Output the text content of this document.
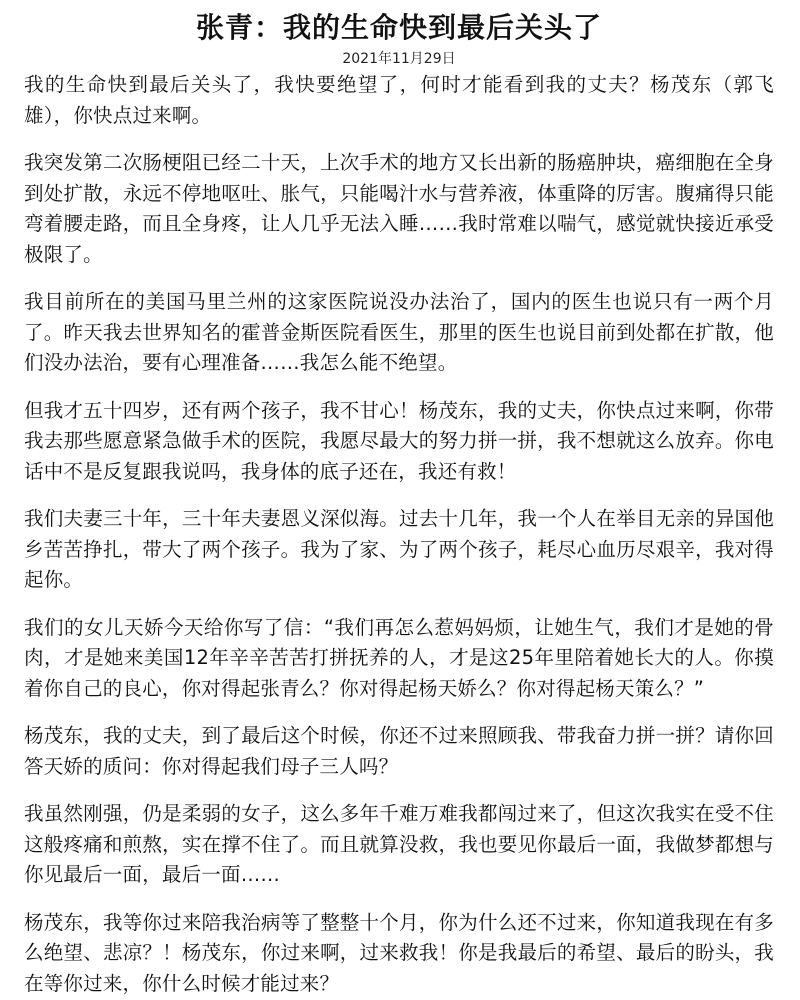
张青：我的生命快到最后关头了
2021年11月29日

我的生命快到最后关头了，我快要绝望了，何时才能看到我的丈夫？杨茂东（郭飞雄），你快点过来啊。

我突发第二次肠梗阻已经二十天，上次手术的地方又长出新的肠癌肿块，癌细胞在全身到处扩散，永远不停地呕吐、胀气，只能喝汁水与营养液，体重降的厉害。腹痛得只能弯着腰走路，而且全身疼，让人几乎无法入睡……我时常难以喘气，感觉就快接近承受极限了。

我目前所在的美国马里兰州的这家医院说没办法治了，国内的医生也说只有一两个月了。昨天我去世界知名的霍普金斯医院看医生，那里的医生也说目前到处都在扩散，他们没办法治，要有心理准备……我怎么能不绝望。

但我才五十四岁，还有两个孩子，我不甘心！杨茂东，我的丈夫，你快点过来啊，你带我去那些愿意紧急做手术的医院，我愿尽最大的努力拼一拼，我不想就这么放弃。你电话中不是反复跟我说吗，我身体的底子还在，我还有救！

我们夫妻三十年，三十年夫妻恩义深似海。过去十几年，我一个人在举目无亲的异国他乡苦苦挣扎，带大了两个孩子。我为了家、为了两个孩子，耗尽心血历尽艰辛，我对得起你。

我们的女儿天娇今天给你写了信：“我们再怎么惹妈妈烦，让她生气，我们才是她的骨肉，才是她来美国12年辛辛苦苦打拼抚养的人，才是这25年里陪着她长大的人。你摸着你自己的良心，你对得起张青么？你对得起杨天娇么？你对得起杨天策么？”

杨茂东，我的丈夫，到了最后这个时候，你还不过来照顾我、带我奋力拼一拼？请你回答天娇的质问：你对得起我们母子三人吗？

我虽然刚强，仍是柔弱的女子，这么多年千难万难我都闯过来了，但这次我实在受不住这般疼痛和煎熬，实在撑不住了。而且就算没救，我也要见你最后一面，我做梦都想与你见最后一面，最后一面……

杨茂东，我等你过来陪我治病等了整整十个月，你为什么还不过来，你知道我现在有多么绝望、悲凉？！杨茂东，你过来啊，过来救我！你是我最后的希望、最后的盼头，我在等你过来，你什么时候才能过来？
